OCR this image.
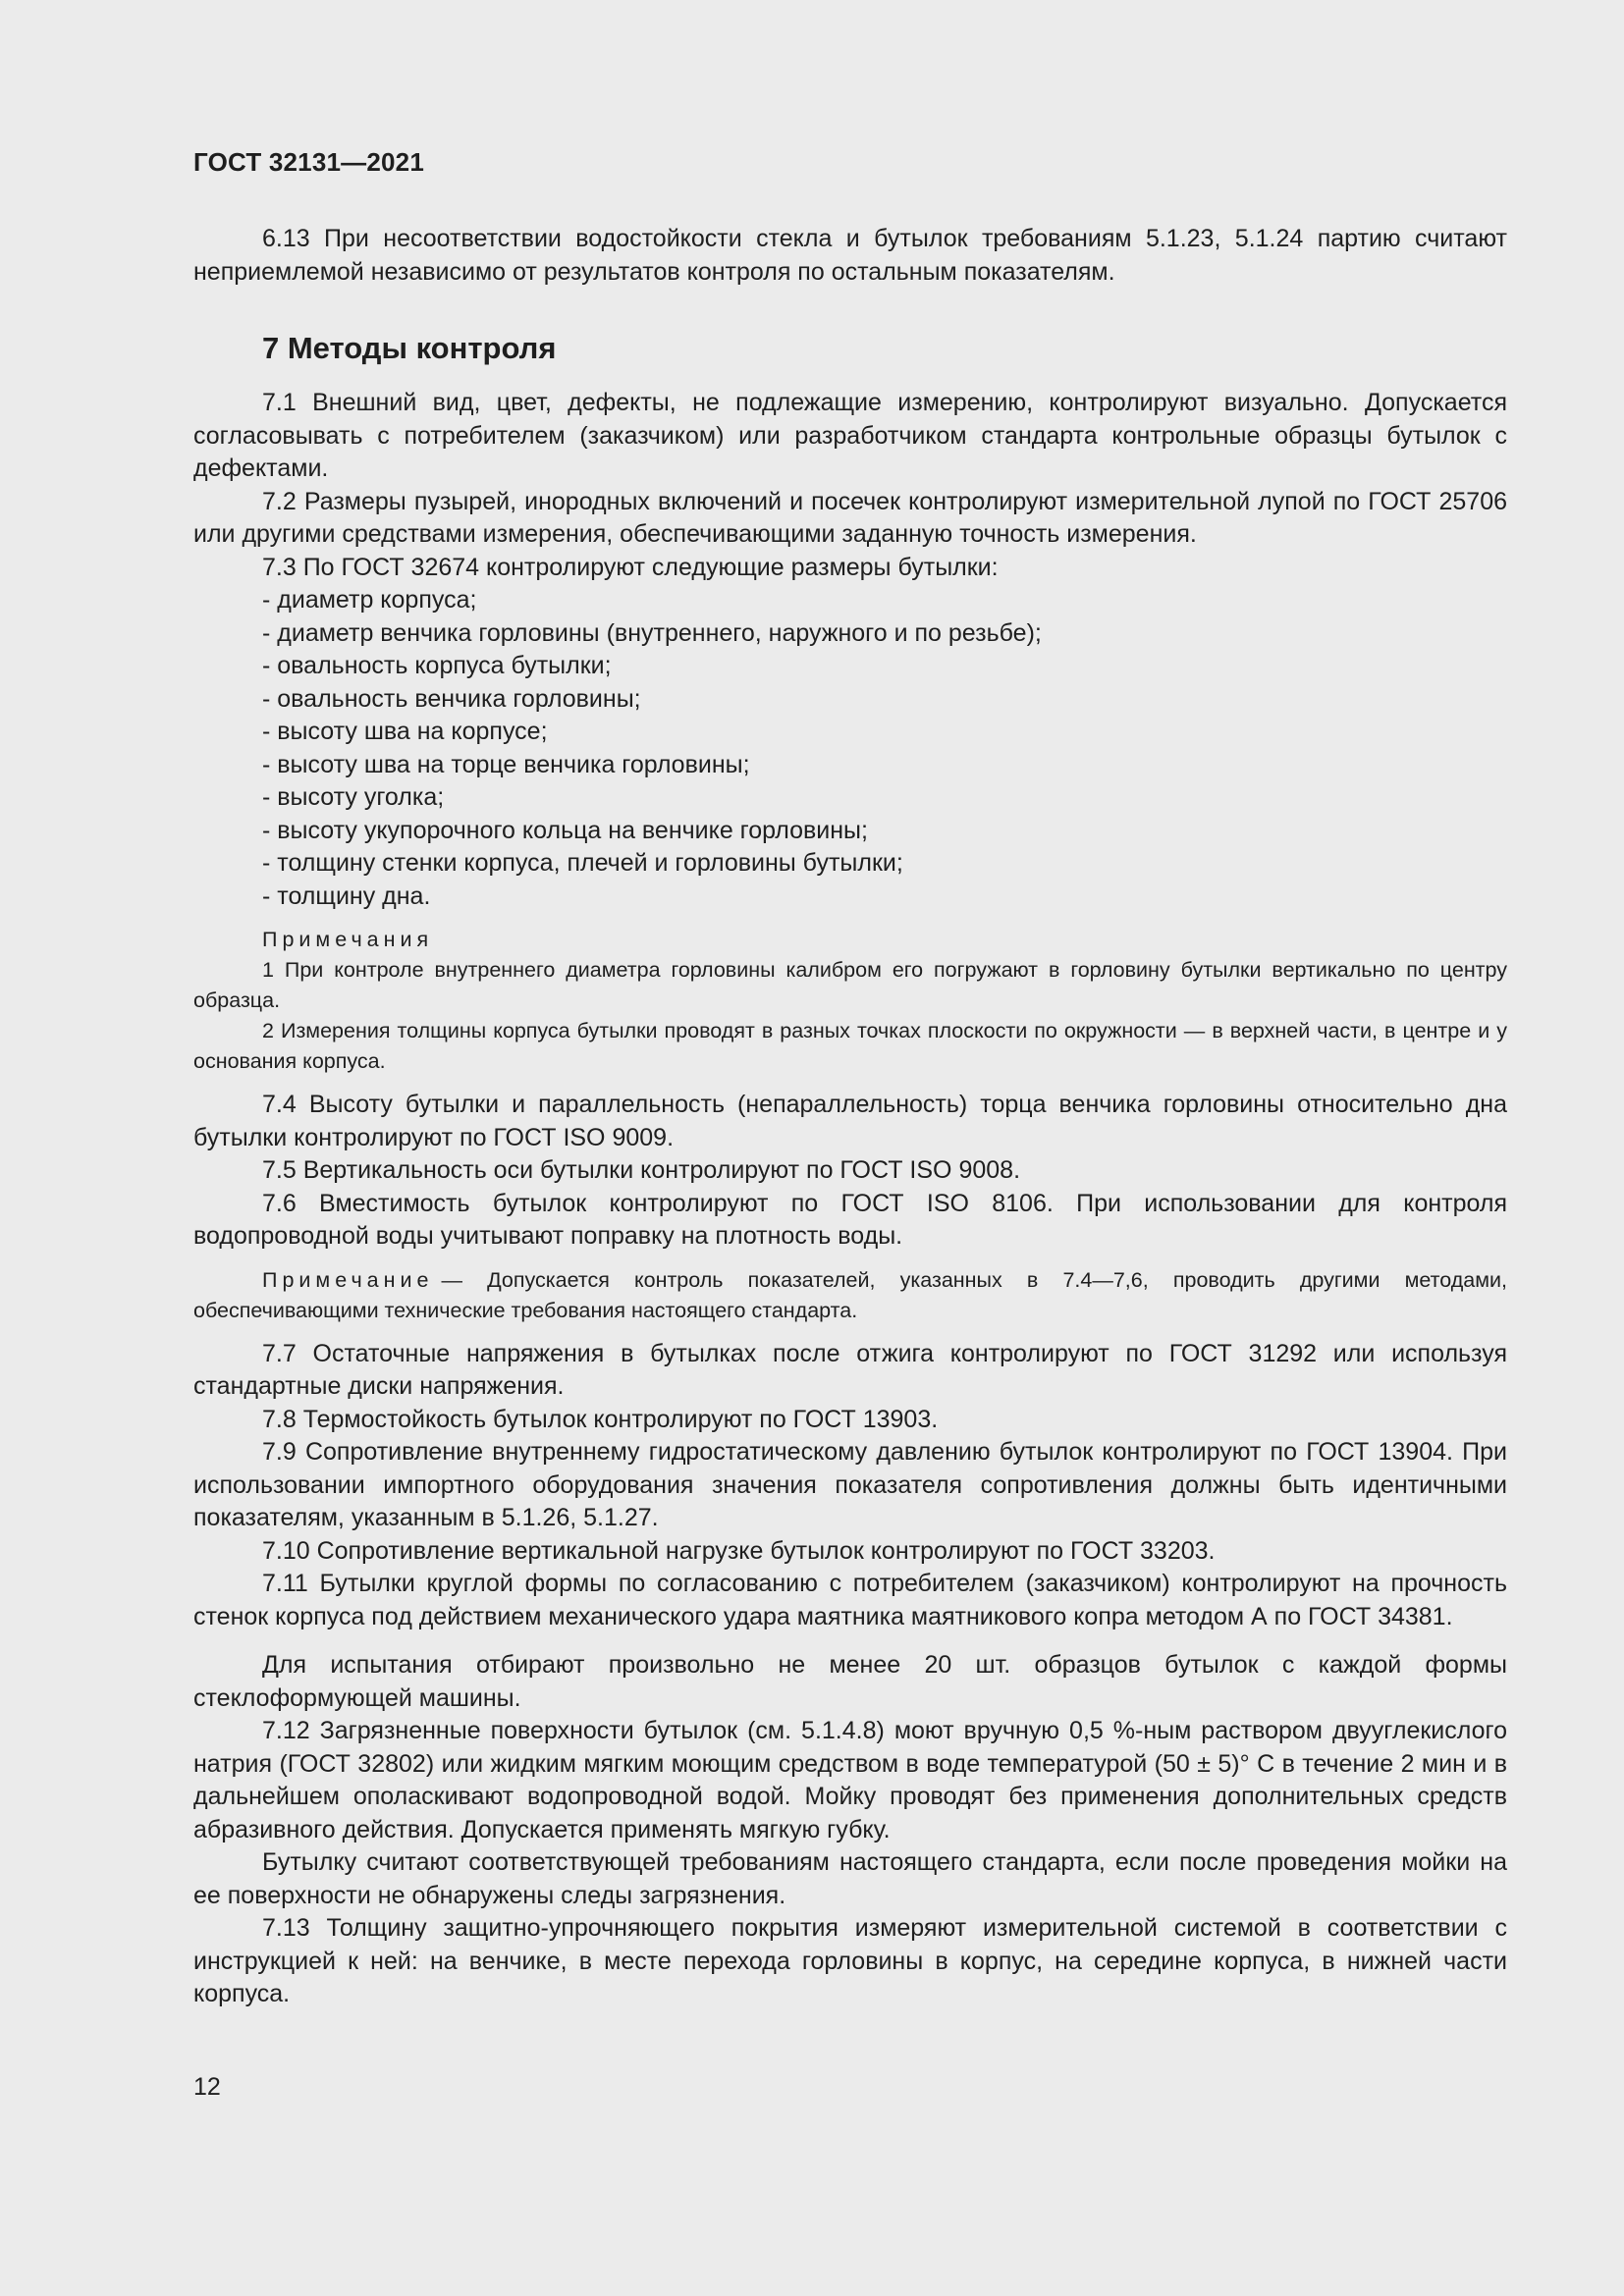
ГОСТ 32131—2021

6.13 При несоответствии водостойкости стекла и бутылок требованиям 5.1.23, 5.1.24 партию считают неприемлемой независимо от результатов контроля по остальным показателям.

7 Методы контроля

7.1 Внешний вид, цвет, дефекты, не подлежащие измерению, контролируют визуально. Допускается согласовывать с потребителем (заказчиком) или разработчиком стандарта контрольные образцы бутылок с дефектами.

7.2 Размеры пузырей, инородных включений и посечек контролируют измерительной лупой по ГОСТ 25706 или другими средствами измерения, обеспечивающими заданную точность измерения.

7.3 По ГОСТ 32674 контролируют следующие размеры бутылки:

- диаметр корпуса;

- диаметр венчика горловины (внутреннего, наружного и по резьбе);

- овальность корпуса бутылки;

- овальность венчика горловины;

- высоту шва на корпусе;

- высоту шва на торце венчика горловины;

- высоту уголка;

- высоту укупорочного кольца на венчике горловины;

- толщину стенки корпуса, плечей и горловины бутылки;

- толщину дна.

Примечания

1 При контроле внутреннего диаметра горловины калибром его погружают в горловину бутылки вертикально по центру образца.

2 Измерения толщины корпуса бутылки проводят в разных точках плоскости по окружности — в верхней части, в центре и у основания корпуса.

7.4 Высоту бутылки и параллельность (непараллельность) торца венчика горловины относительно дна бутылки контролируют по ГОСТ ISO 9009.

7.5 Вертикальность оси бутылки контролируют по ГОСТ ISO 9008.

7.6 Вместимость бутылок контролируют по ГОСТ ISO 8106. При использовании для контроля водопроводной воды учитывают поправку на плотность воды.

Примечание — Допускается контроль показателей, указанных в 7.4—7,6, проводить другими методами, обеспечивающими технические требования настоящего стандарта.

7.7 Остаточные напряжения в бутылках после отжига контролируют по ГОСТ 31292 или используя стандартные диски напряжения.

7.8 Термостойкость бутылок контролируют по ГОСТ 13903.

7.9 Сопротивление внутреннему гидростатическому давлению бутылок контролируют по ГОСТ 13904. При использовании импортного оборудования значения показателя сопротивления должны быть идентичными показателям, указанным в 5.1.26, 5.1.27.

7.10 Сопротивление вертикальной нагрузке бутылок контролируют по ГОСТ 33203.

7.11 Бутылки круглой формы по согласованию с потребителем (заказчиком) контролируют на прочность стенок корпуса под действием механического удара маятника маятникового копра методом А по ГОСТ 34381.

Для испытания отбирают произвольно не менее 20 шт. образцов бутылок с каждой формы стеклоформующей машины.

7.12 Загрязненные поверхности бутылок (см. 5.1.4.8) моют вручную 0,5 %-ным раствором двууглекислого натрия (ГОСТ 32802) или жидким мягким моющим средством в воде температурой (50 ± 5)° С в течение 2 мин и в дальнейшем ополаскивают водопроводной водой. Мойку проводят без применения дополнительных средств абразивного действия. Допускается применять мягкую губку.

Бутылку считают соответствующей требованиям настоящего стандарта, если после проведения мойки на ее поверхности не обнаружены следы загрязнения.

7.13 Толщину защитно-упрочняющего покрытия измеряют измерительной системой в соответствии с инструкцией к ней: на венчике, в месте перехода горловины в корпус, на середине корпуса, в нижней части корпуса.

12
